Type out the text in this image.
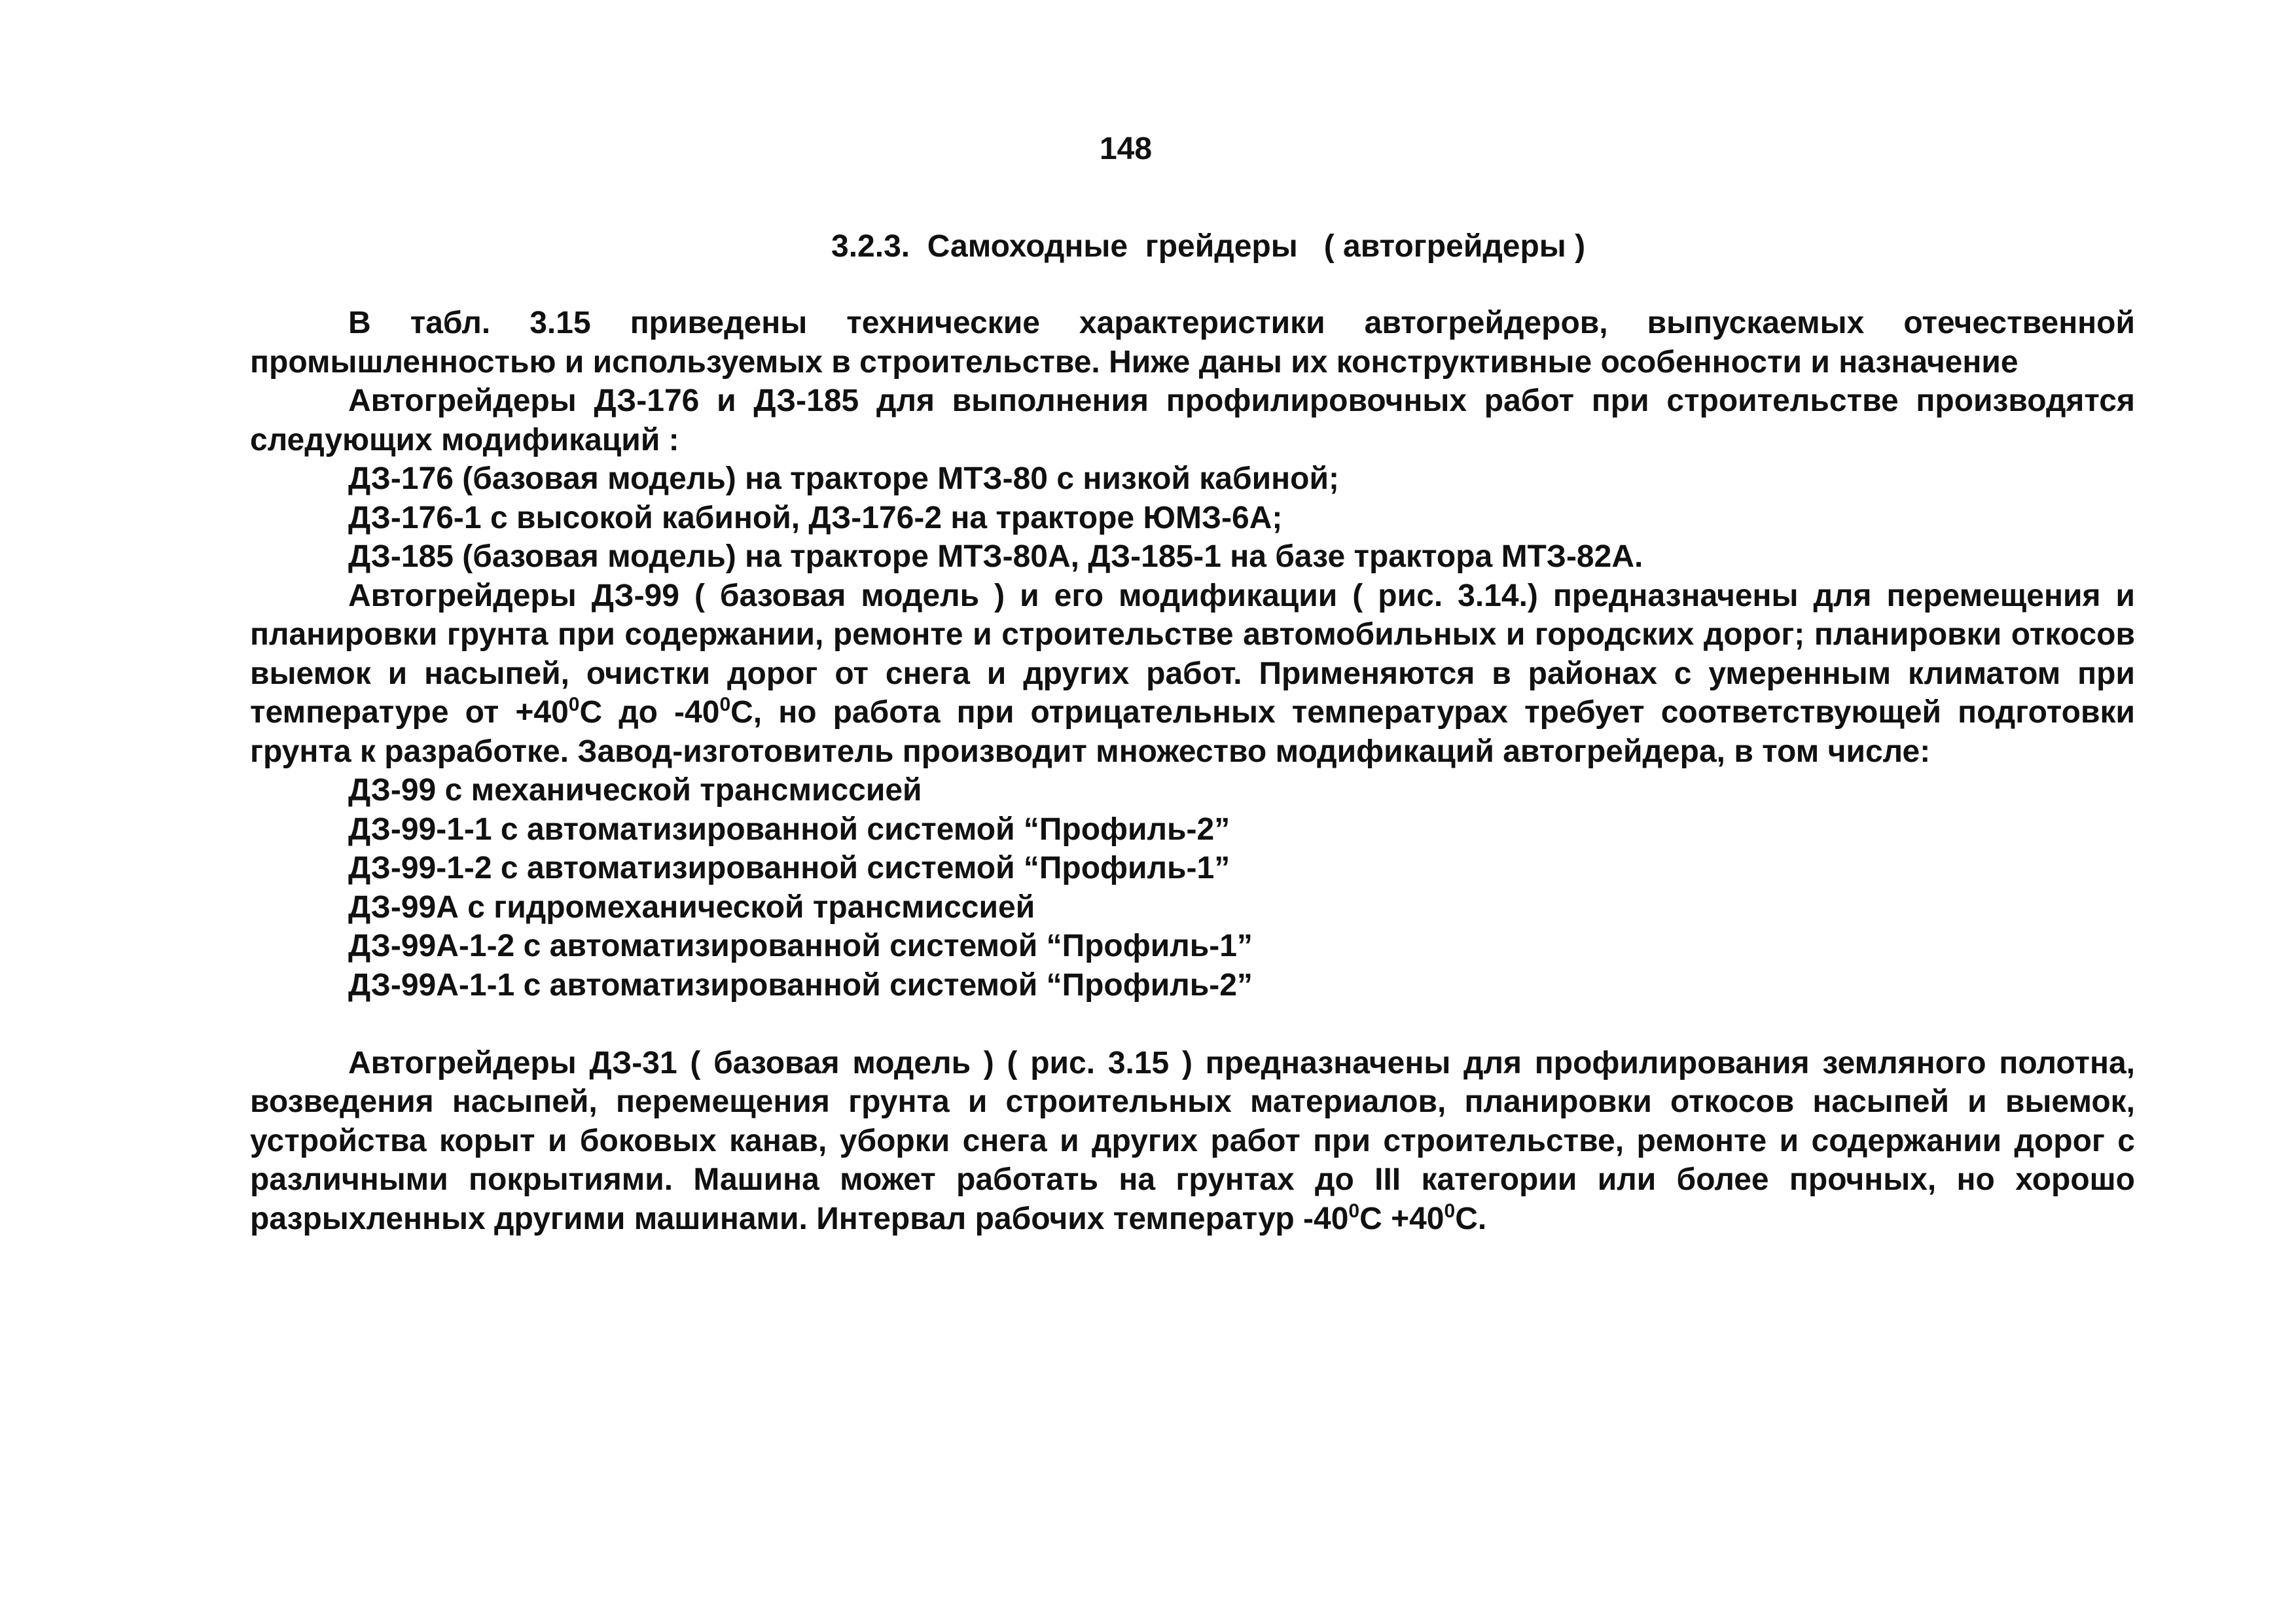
148
3.2.3.  Самоходные  грейдеры   ( автогрейдеры )

В табл. 3.15 приведены технические характеристики автогрейдеров, выпускаемых отечественной промышленностью и используемых в строительстве. Ниже даны их конструктивные особенности и назначение

Автогрейдеры ДЗ-176 и ДЗ-185 для выполнения профилировочных работ при строительстве производятся следующих модификаций :

ДЗ-176 (базовая модель) на тракторе МТЗ-80 с низкой кабиной;

ДЗ-176-1 с высокой кабиной, ДЗ-176-2 на тракторе ЮМЗ-6А;

ДЗ-185 (базовая модель) на тракторе МТЗ-80А, ДЗ-185-1 на базе трактора МТЗ-82А.

Автогрейдеры ДЗ-99 ( базовая модель ) и его модификации ( рис. 3.14.) предназначены для перемещения и планировки грунта при содержании, ремонте и строительстве автомобильных и городских дорог; планировки откосов выемок и насыпей, очистки дорог от снега и других работ. Применяются в районах с умеренным климатом при температуре от $+40^0С$ до $-40^0С$, но работа при отрицательных температурах требует соответствующей подготовки грунта к разработке. Завод-изготовитель производит множество модификаций автогрейдера, в том числе:

ДЗ-99 с механической трансмиссией

ДЗ-99-1-1 с автоматизированной системой “Профиль-2”

ДЗ-99-1-2 с автоматизированной системой “Профиль-1”

ДЗ-99А с гидромеханической трансмиссией

ДЗ-99А-1-2 с автоматизированной системой “Профиль-1”

ДЗ-99А-1-1 с автоматизированной системой “Профиль-2”

Автогрейдеры ДЗ-31 ( базовая модель ) ( рис. 3.15 ) предназначены для профилирования земляного полотна, возведения насыпей, перемещения грунта и строительных материалов, планировки откосов насыпей и выемок, устройства корыт и боковых канав, уборки снега и других работ при строительстве, ремонте и содержании дорог с различными покрытиями. Машина может работать на грунтах до III категории или более прочных, но хорошо разрыхленных другими машинами. Интервал рабочих температур $-40^0С +40^0С$.
